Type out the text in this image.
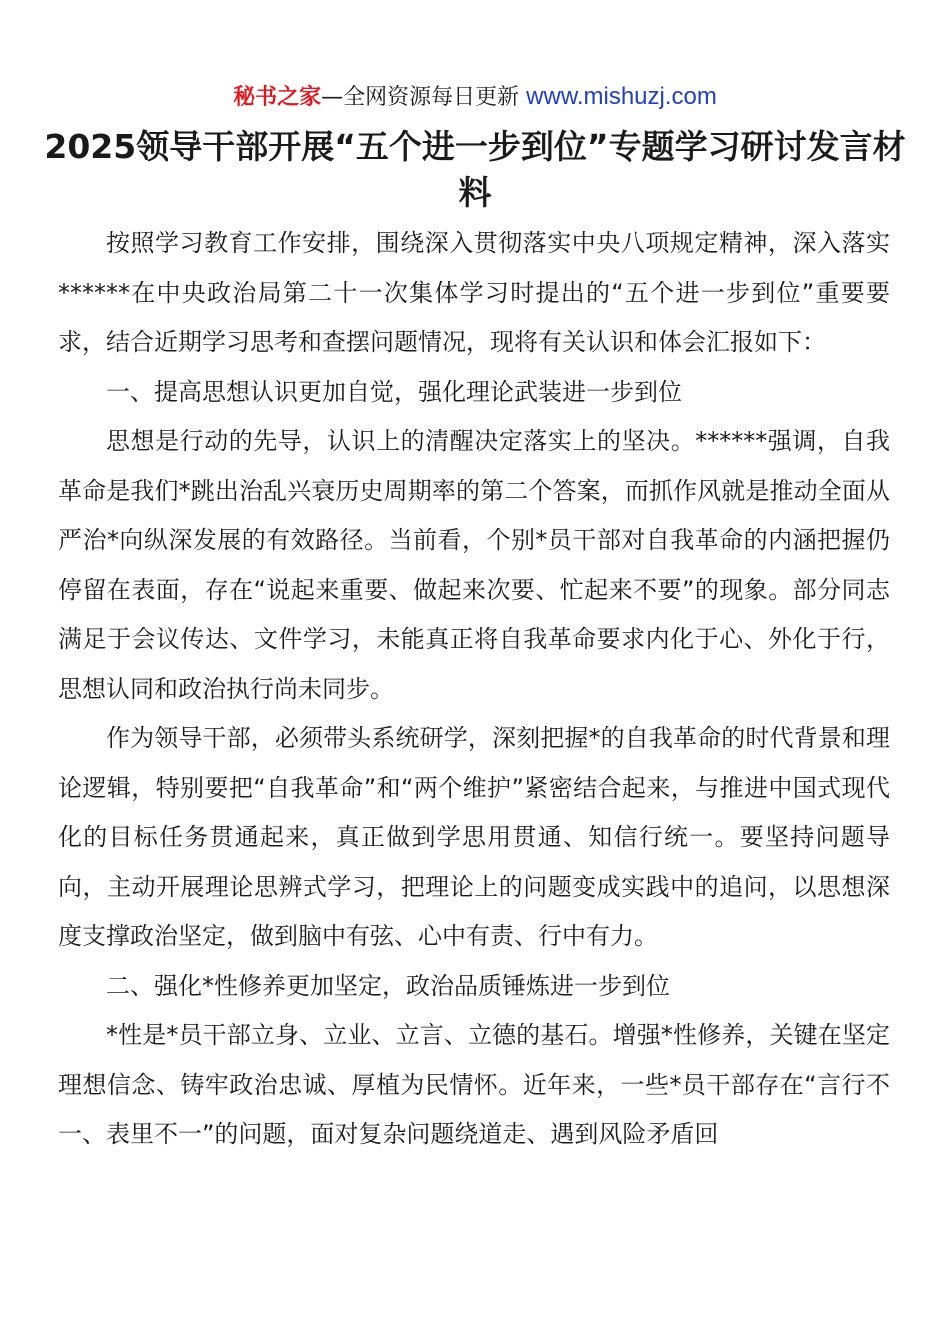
秘书之家—全网资源每日更新 www.mishuzj.com
2025领导干部开展“五个进一步到位”专题学习研讨发言材料

按照学习教育工作安排，围绕深入贯彻落实中央八项规定精神，深入落实******在中央政治局第二十一次集体学习时提出的“五个进一步到位”重要要求，结合近期学习思考和查摆问题情况，现将有关认识和体会汇报如下：

一、提高思想认识更加自觉，强化理论武装进一步到位

思想是行动的先导，认识上的清醒决定落实上的坚决。******强调，自我革命是我们*跳出治乱兴衰历史周期率的第二个答案，而抓作风就是推动全面从严治*向纵深发展的有效路径。当前看，个别*员干部对自我革命的内涵把握仍停留在表面，存在“说起来重要、做起来次要、忙起来不要”的现象。部分同志满足于会议传达、文件学习，未能真正将自我革命要求内化于心、外化于行，思想认同和政治执行尚未同步。

作为领导干部，必须带头系统研学，深刻把握*的自我革命的时代背景和理论逻辑，特别要把“自我革命”和“两个维护”紧密结合起来，与推进中国式现代化的目标任务贯通起来，真正做到学思用贯通、知信行统一。要坚持问题导向，主动开展理论思辨式学习，把理论上的问题变成实践中的追问，以思想深度支撑政治坚定，做到脑中有弦、心中有责、行中有力。

二、强化*性修养更加坚定，政治品质锤炼进一步到位

*性是*员干部立身、立业、立言、立德的基石。增强*性修养，关键在坚定理想信念、铸牢政治忠诚、厚植为民情怀。近年来，一些*员干部存在“言行不一、表里不一”的问题，面对复杂问题绕道走、遇到风险矛盾回
